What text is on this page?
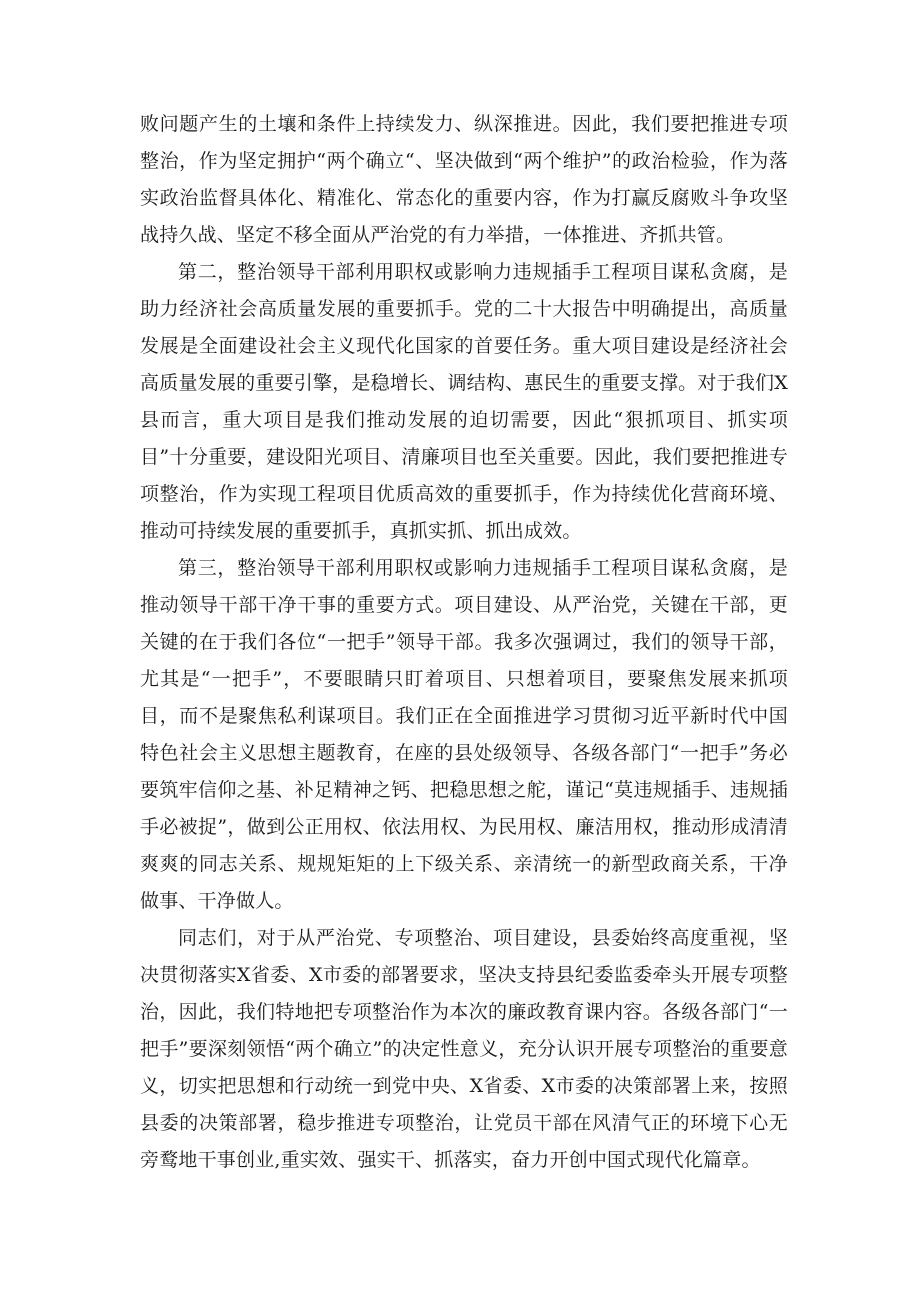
败问题产生的土壤和条件上持续发力、纵深推进。因此，我们要把推进专项整治，作为坚定拥护“两个确立“、坚决做到“两个维护”的政治检验，作为落实政治监督具体化、精准化、常态化的重要内容，作为打赢反腐败斗争攻坚战持久战、坚定不移全面从严治党的有力举措，一体推进、齐抓共管。

第二，整治领导干部利用职权或影响力违规插手工程项目谋私贪腐，是助力经济社会高质量发展的重要抓手。党的二十大报告中明确提出，高质量发展是全面建设社会主义现代化国家的首要任务。重大项目建设是经济社会高质量发展的重要引擎，是稳增长、调结构、惠民生的重要支撑。对于我们X县而言，重大项目是我们推动发展的迫切需要，因此“狠抓项目、抓实项目”十分重要，建设阳光项目、清廉项目也至关重要。因此，我们要把推进专项整治，作为实现工程项目优质高效的重要抓手，作为持续优化营商环境、推动可持续发展的重要抓手，真抓实抓、抓出成效。

第三，整治领导干部利用职权或影响力违规插手工程项目谋私贪腐，是推动领导干部干净干事的重要方式。项目建设、从严治党，关键在干部，更关键的在于我们各位“一把手”领导干部。我多次强调过，我们的领导干部，尤其是“一把手”，不要眼睛只盯着项目、只想着项目，要聚焦发展来抓项目，而不是聚焦私利谋项目。我们正在全面推进学习贯彻习近平新时代中国特色社会主义思想主题教育，在座的县处级领导、各级各部门“一把手”务必要筑牢信仰之基、补足精神之钙、把稳思想之舵，谨记“莫违规插手、违规插手必被捉”，做到公正用权、依法用权、为民用权、廉洁用权，推动形成清清爽爽的同志关系、规规矩矩的上下级关系、亲清统一的新型政商关系，干净做事、干净做人。

同志们，对于从严治党、专项整治、项目建设，县委始终高度重视，坚决贯彻落实X省委、X市委的部署要求，坚决支持县纪委监委牵头开展专项整治，因此，我们特地把专项整治作为本次的廉政教育课内容。各级各部门“一把手”要深刻领悟“两个确立”的决定性意义，充分认识开展专项整治的重要意义，切实把思想和行动统一到党中央、X省委、X市委的决策部署上来，按照县委的决策部署，稳步推进专项整治，让党员干部在风清气正的环境下心无旁鹜地干事创业,重实效、强实干、抓落实，奋力开创中国式现代化篇章。
